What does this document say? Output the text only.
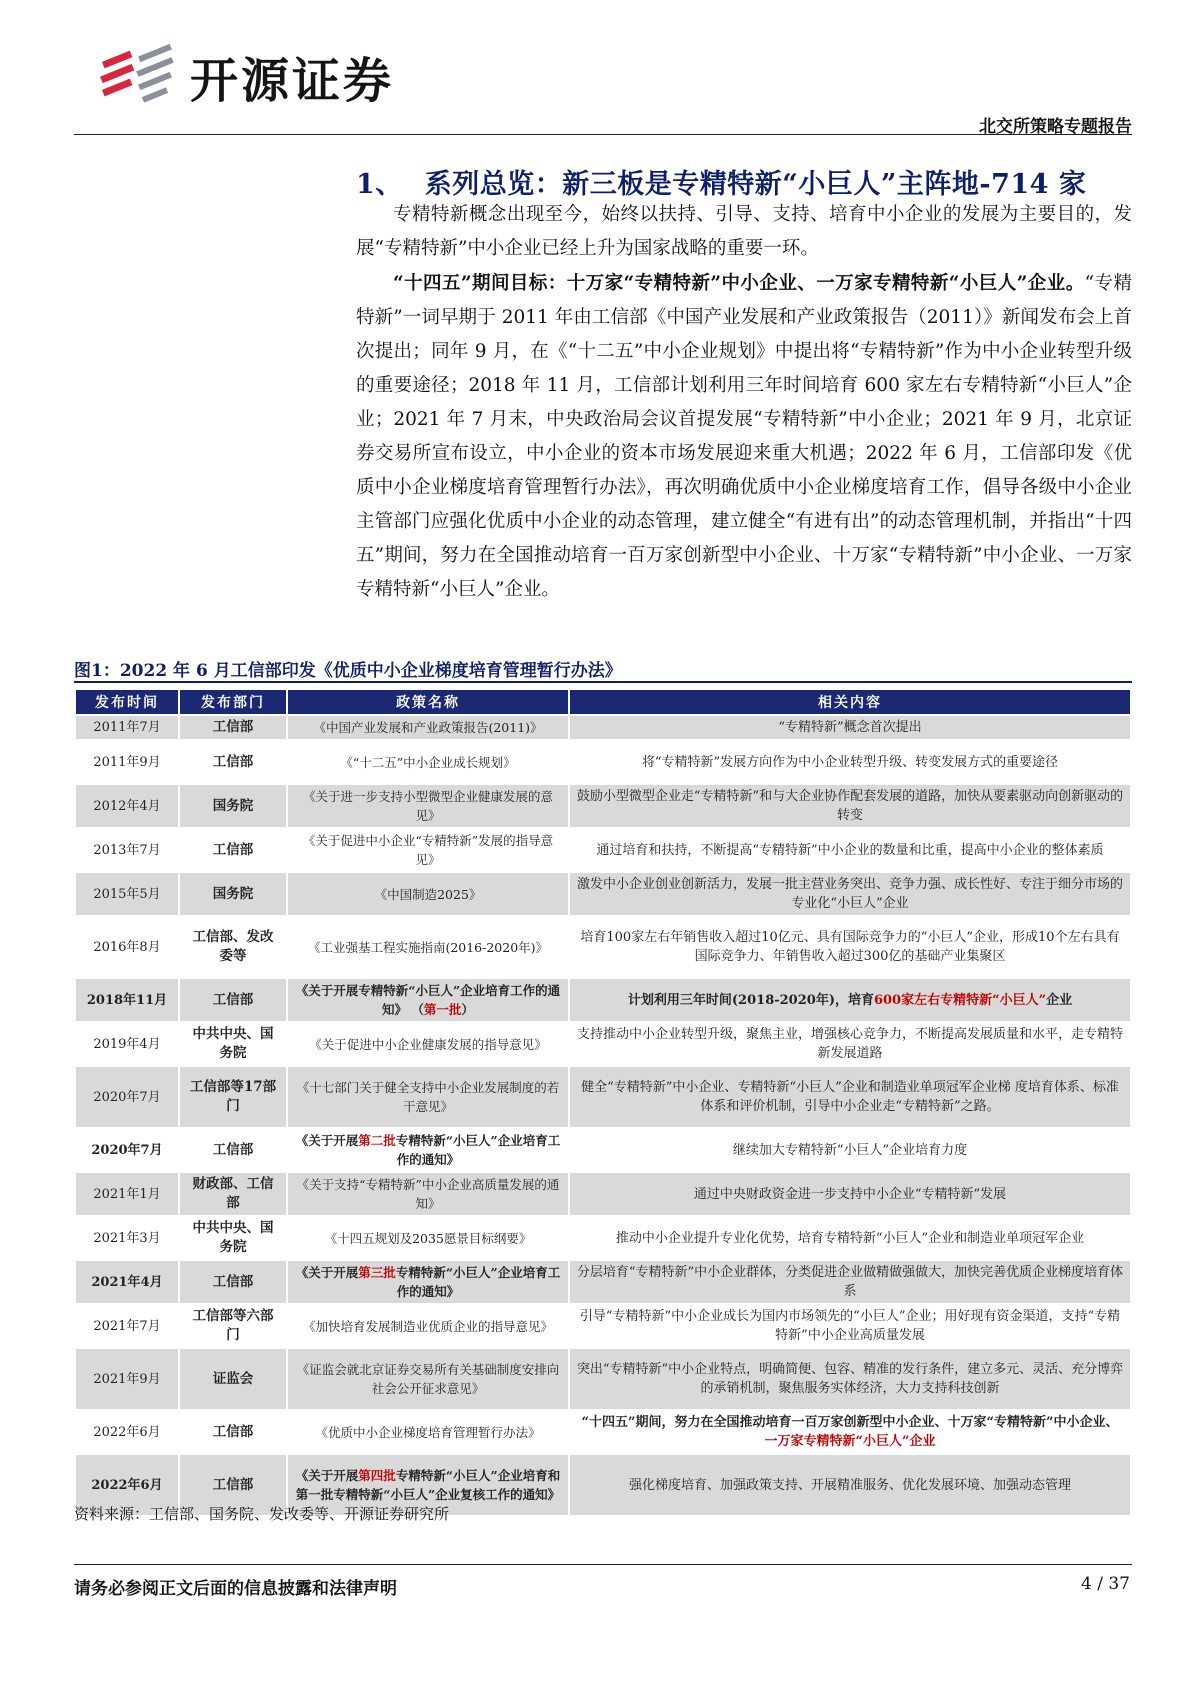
开源证券
北交所策略专题报告
1、 系列总览：新三板是专精特新“小巨人”主阵地-714 家
专精特新概念出现至今，始终以扶持、引导、支持、培育中小企业的发展为主要目的，发展“专精特新”中小企业已经上升为国家战略的重要一环。
“十四五”期间目标：十万家“专精特新”中小企业、一万家专精特新“小巨人”企业。“专精特新”一词早期于 2011 年由工信部《中国产业发展和产业政策报告（2011）》新闻发布会上首次提出；同年 9 月，在《“十二五”中小企业规划》中提出将“专精特新”作为中小企业转型升级的重要途径；2018 年 11 月，工信部计划利用三年时间培育 600 家左右专精特新“小巨人”企业；2021 年 7 月末，中央政治局会议首提发展“专精特新”中小企业；2021 年 9 月，北京证券交易所宣布设立，中小企业的资本市场发展迎来重大机遇；2022 年 6 月，工信部印发《优质中小企业梯度培育管理暂行办法》，再次明确优质中小企业梯度培育工作，倡导各级中小企业主管部门应强化优质中小企业的动态管理，建立健全“有进有出”的动态管理机制，并指出“十四五”期间，努力在全国推动培育一百万家创新型中小企业、十万家“专精特新”中小企业、一万家专精特新“小巨人”企业。
图1：2022 年 6 月工信部印发《优质中小企业梯度培育管理暂行办法》
发布时间	发布部门	政策名称	相关内容
2011年7月	工信部	《中国产业发展和产业政策报告(2011)》	“专精特新”概念首次提出
2011年9月	工信部	《“十二五”中小企业成长规划》	将“专精特新”发展方向作为中小企业转型升级、转变发展方式的重要途径
2012年4月	国务院	《关于进一步支持小型微型企业健康发展的意见》	鼓励小型微型企业走“专精特新”和与大企业协作配套发展的道路，加快从要素驱动向创新驱动的转变
2013年7月	工信部	《关于促进中小企业“专精特新”发展的指导意见》	通过培育和扶持，不断提高“专精特新”中小企业的数量和比重，提高中小企业的整体素质
2015年5月	国务院	《中国制造2025》	激发中小企业创业创新活力，发展一批主营业务突出、竞争力强、成长性好、专注于细分市场的专业化“小巨人”企业
2016年8月	工信部、发改委等	《工业强基工程实施指南(2016-2020年)》	培育100家左右年销售收入超过10亿元、具有国际竞争力的“小巨人”企业，形成10个左右具有国际竞争力、年销售收入超过300亿的基础产业集聚区
2018年11月	工信部	《关于开展专精特新“小巨人”企业培育工作的通知》 （第一批）	计划利用三年时间(2018-2020年)，培育600家左右专精特新“小巨人”企业
2019年4月	中共中央、国务院	《关于促进中小企业健康发展的指导意见》	支持推动中小企业转型升级，聚焦主业，增强核心竞争力，不断提高发展质量和水平，走专精特新发展道路
2020年7月	工信部等17部门	《十七部门关于健全支持中小企业发展制度的若干意见》	健全“专精特新”中小企业、专精特新“小巨人”企业和制造业单项冠军企业梯 度培育体系、标准体系和评价机制，引导中小企业走“专精特新”之路。
2020年7月	工信部	《关于开展第二批专精特新“小巨人”企业培育工作的通知》	继续加大专精特新“小巨人”企业培育力度
2021年1月	财政部、工信部	《关于支持“专精特新”中小企业高质量发展的通知》	通过中央财政资金进一步支持中小企业“专精特新”发展
2021年3月	中共中央、国务院	《十四五规划及2035愿景目标纲要》	推动中小企业提升专业化优势，培育专精特新“小巨人”企业和制造业单项冠军企业
2021年4月	工信部	《关于开展第三批专精特新“小巨人”企业培育工作的通知》	分层培育“专精特新”中小企业群体，分类促进企业做精做强做大，加快完善优质企业梯度培育体系
2021年7月	工信部等六部门	《加快培育发展制造业优质企业的指导意见》	引导“专精特新”中小企业成长为国内市场领先的“小巨人”企业；用好现有资金渠道，支持“专精特新”中小企业高质量发展
2021年9月	证监会	《证监会就北京证券交易所有关基础制度安排向社会公开征求意见》	突出“专精特新”中小企业特点，明确简便、包容、精准的发行条件，建立多元、灵活、充分博弈的承销机制，聚焦服务实体经济，大力支持科技创新
2022年6月	工信部	《优质中小企业梯度培育管理暂行办法》	“十四五”期间，努力在全国推动培育一百万家创新型中小企业、十万家“专精特新”中小企业、一万家专精特新“小巨人”企业
2022年6月	工信部	《关于开展第四批专精特新“小巨人”企业培育和第一批专精特新“小巨人”企业复核工作的通知》	强化梯度培育、加强政策支持、开展精准服务、优化发展环境、加强动态管理
资料来源：工信部、国务院、发改委等、开源证券研究所
请务必参阅正文后面的信息披露和法律声明	4 / 37
